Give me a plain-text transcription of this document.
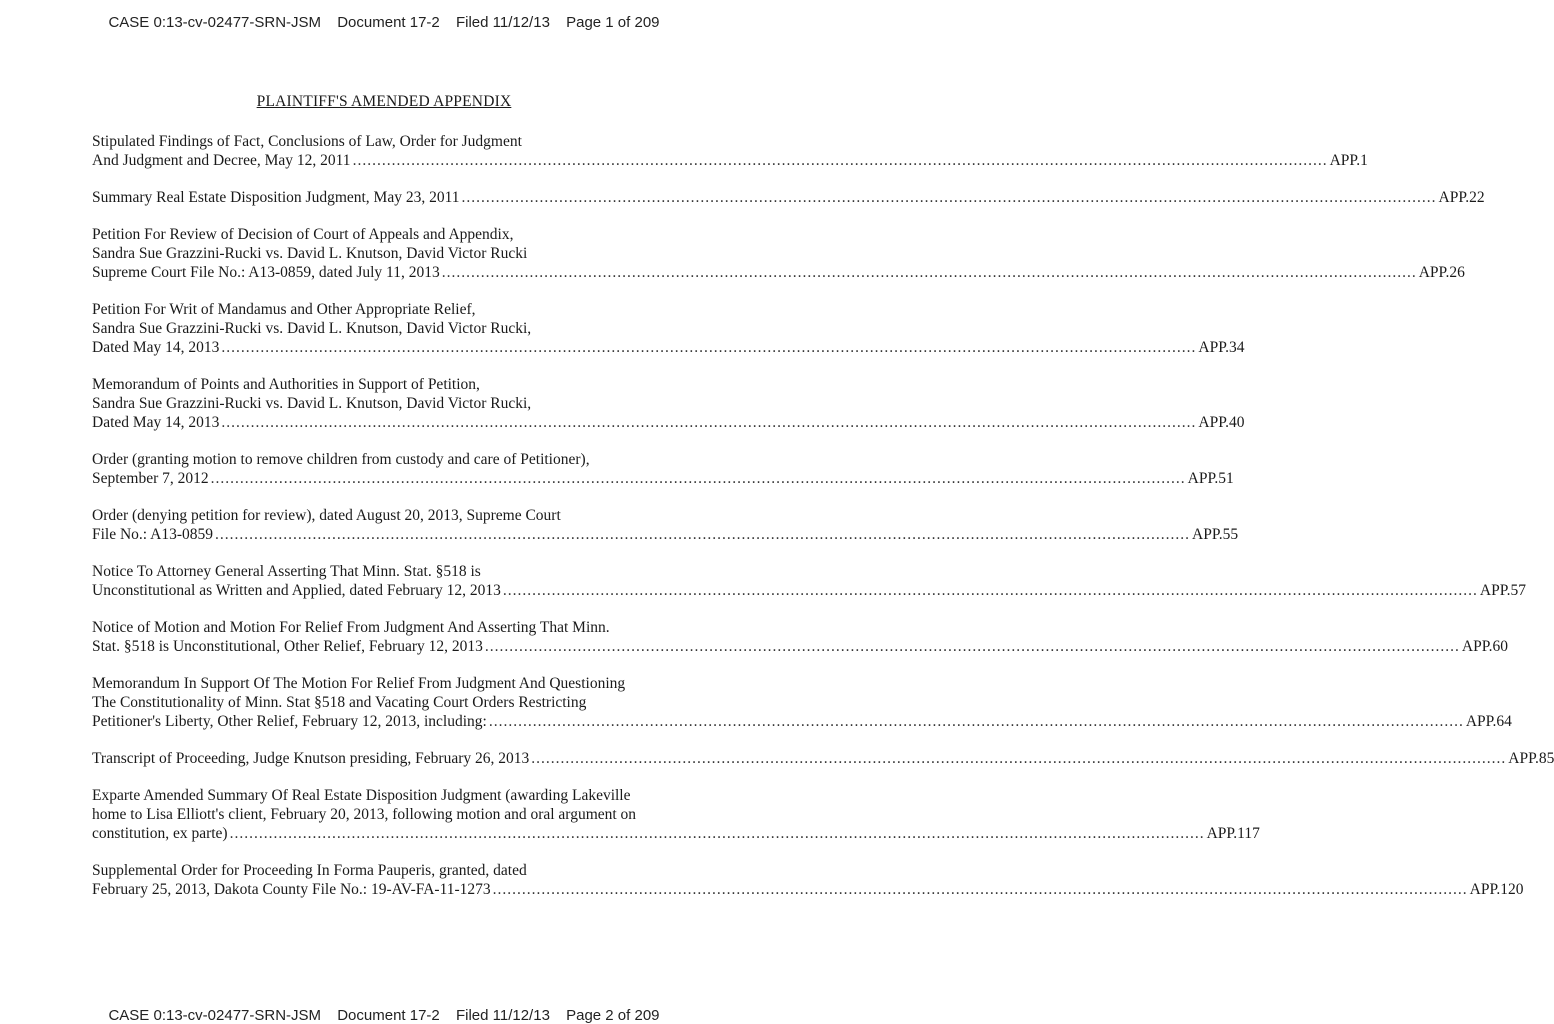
CASE 0:13-cv-02477-SRN-JSM Document 17-2 Filed 11/12/13 Page 1 of 209
PLAINTIFF'S AMENDED APPENDIX
Stipulated Findings of Fact, Conclusions of Law, Order for Judgment
And Judgment and Decree, May 12, 2011 ........................................................................................................................................................................................................ APP.1
Summary Real Estate Disposition Judgment, May 23, 2011 ........................................................................................................................................................................................................ APP.22
Petition For Review of Decision of Court of Appeals and Appendix,
Sandra Sue Grazzini-Rucki vs. David L. Knutson, David Victor Rucki
Supreme Court File No.: A13-0859, dated July 11, 2013 ........................................................................................................................................................................................................ APP.26
Petition For Writ of Mandamus and Other Appropriate Relief,
Sandra Sue Grazzini-Rucki vs. David L. Knutson, David Victor Rucki,
Dated May 14, 2013 ........................................................................................................................................................................................................ APP.34
Memorandum of Points and Authorities in Support of Petition,
Sandra Sue Grazzini-Rucki vs. David L. Knutson, David Victor Rucki,
Dated May 14, 2013 ........................................................................................................................................................................................................ APP.40
Order (granting motion to remove children from custody and care of Petitioner),
September 7, 2012 ........................................................................................................................................................................................................ APP.51
Order (denying petition for review), dated August 20, 2013, Supreme Court
File No.: A13-0859 ........................................................................................................................................................................................................ APP.55
Notice To Attorney General Asserting That Minn. Stat. §518 is
Unconstitutional as Written and Applied, dated February 12, 2013 ........................................................................................................................................................................................................ APP.57
Notice of Motion and Motion For Relief From Judgment And Asserting That Minn.
Stat. §518 is Unconstitutional, Other Relief, February 12, 2013 ........................................................................................................................................................................................................ APP.60
Memorandum In Support Of The Motion For Relief From Judgment And Questioning
The Constitutionality of Minn. Stat §518 and Vacating Court Orders Restricting
Petitioner's Liberty, Other Relief, February 12, 2013, including: ........................................................................................................................................................................................................ APP.64
Transcript of Proceeding, Judge Knutson presiding, February 26, 2013 ........................................................................................................................................................................................................ APP.85
Exparte Amended Summary Of Real Estate Disposition Judgment (awarding Lakeville
home to Lisa Elliott's client, February 20, 2013, following motion and oral argument on
constitution, ex parte) ........................................................................................................................................................................................................ APP.117
Supplemental Order for Proceeding In Forma Pauperis, granted, dated
February 25, 2013, Dakota County File No.: 19-AV-FA-11-1273 ........................................................................................................................................................................................................ APP.120
CASE 0:13-cv-02477-SRN-JSM Document 17-2 Filed 11/12/13 Page 2 of 209
